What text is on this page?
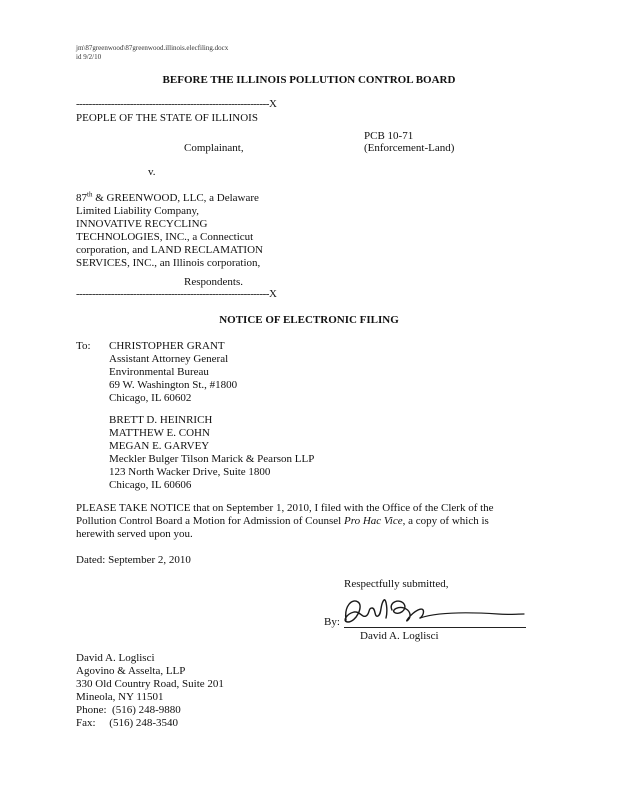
jm\87greenwood\87greenwood.illinois.elecfiling.docx
id 9/2/10
BEFORE THE ILLINOIS POLLUTION CONTROL BOARD
-------------------------------------------------------------X
PEOPLE OF THE STATE OF ILLINOIS
PCB 10-71
Complainant,	(Enforcement-Land)
v.
87th & GREENWOOD, LLC, a Delaware
Limited Liability Company,
INNOVATIVE RECYCLING
TECHNOLOGIES, INC., a Connecticut
corporation, and LAND RECLAMATION
SERVICES, INC., an Illinois corporation,
Respondents.
-------------------------------------------------------------X
NOTICE OF ELECTRONIC FILING
To: CHRISTOPHER GRANT
Assistant Attorney General
Environmental Bureau
69 W. Washington St., #1800
Chicago, IL 60602
BRETT D. HEINRICH
MATTHEW E. COHN
MEGAN E. GARVEY
Meckler Bulger Tilson Marick & Pearson LLP
123 North Wacker Drive, Suite 1800
Chicago, IL 60606
PLEASE TAKE NOTICE that on September 1, 2010, I filed with the Office of the Clerk of the
Pollution Control Board a Motion for Admission of Counsel Pro Hac Vice, a copy of which is
herewith served upon you.
Dated: September 2, 2010
Respectfully submitted,
By:
David A. Loglisci
David A. Loglisci
Agovino & Asselta, LLP
330 Old Country Road, Suite 201
Mineola, NY 11501
Phone:  (516) 248-9880
Fax:     (516) 248-3540
